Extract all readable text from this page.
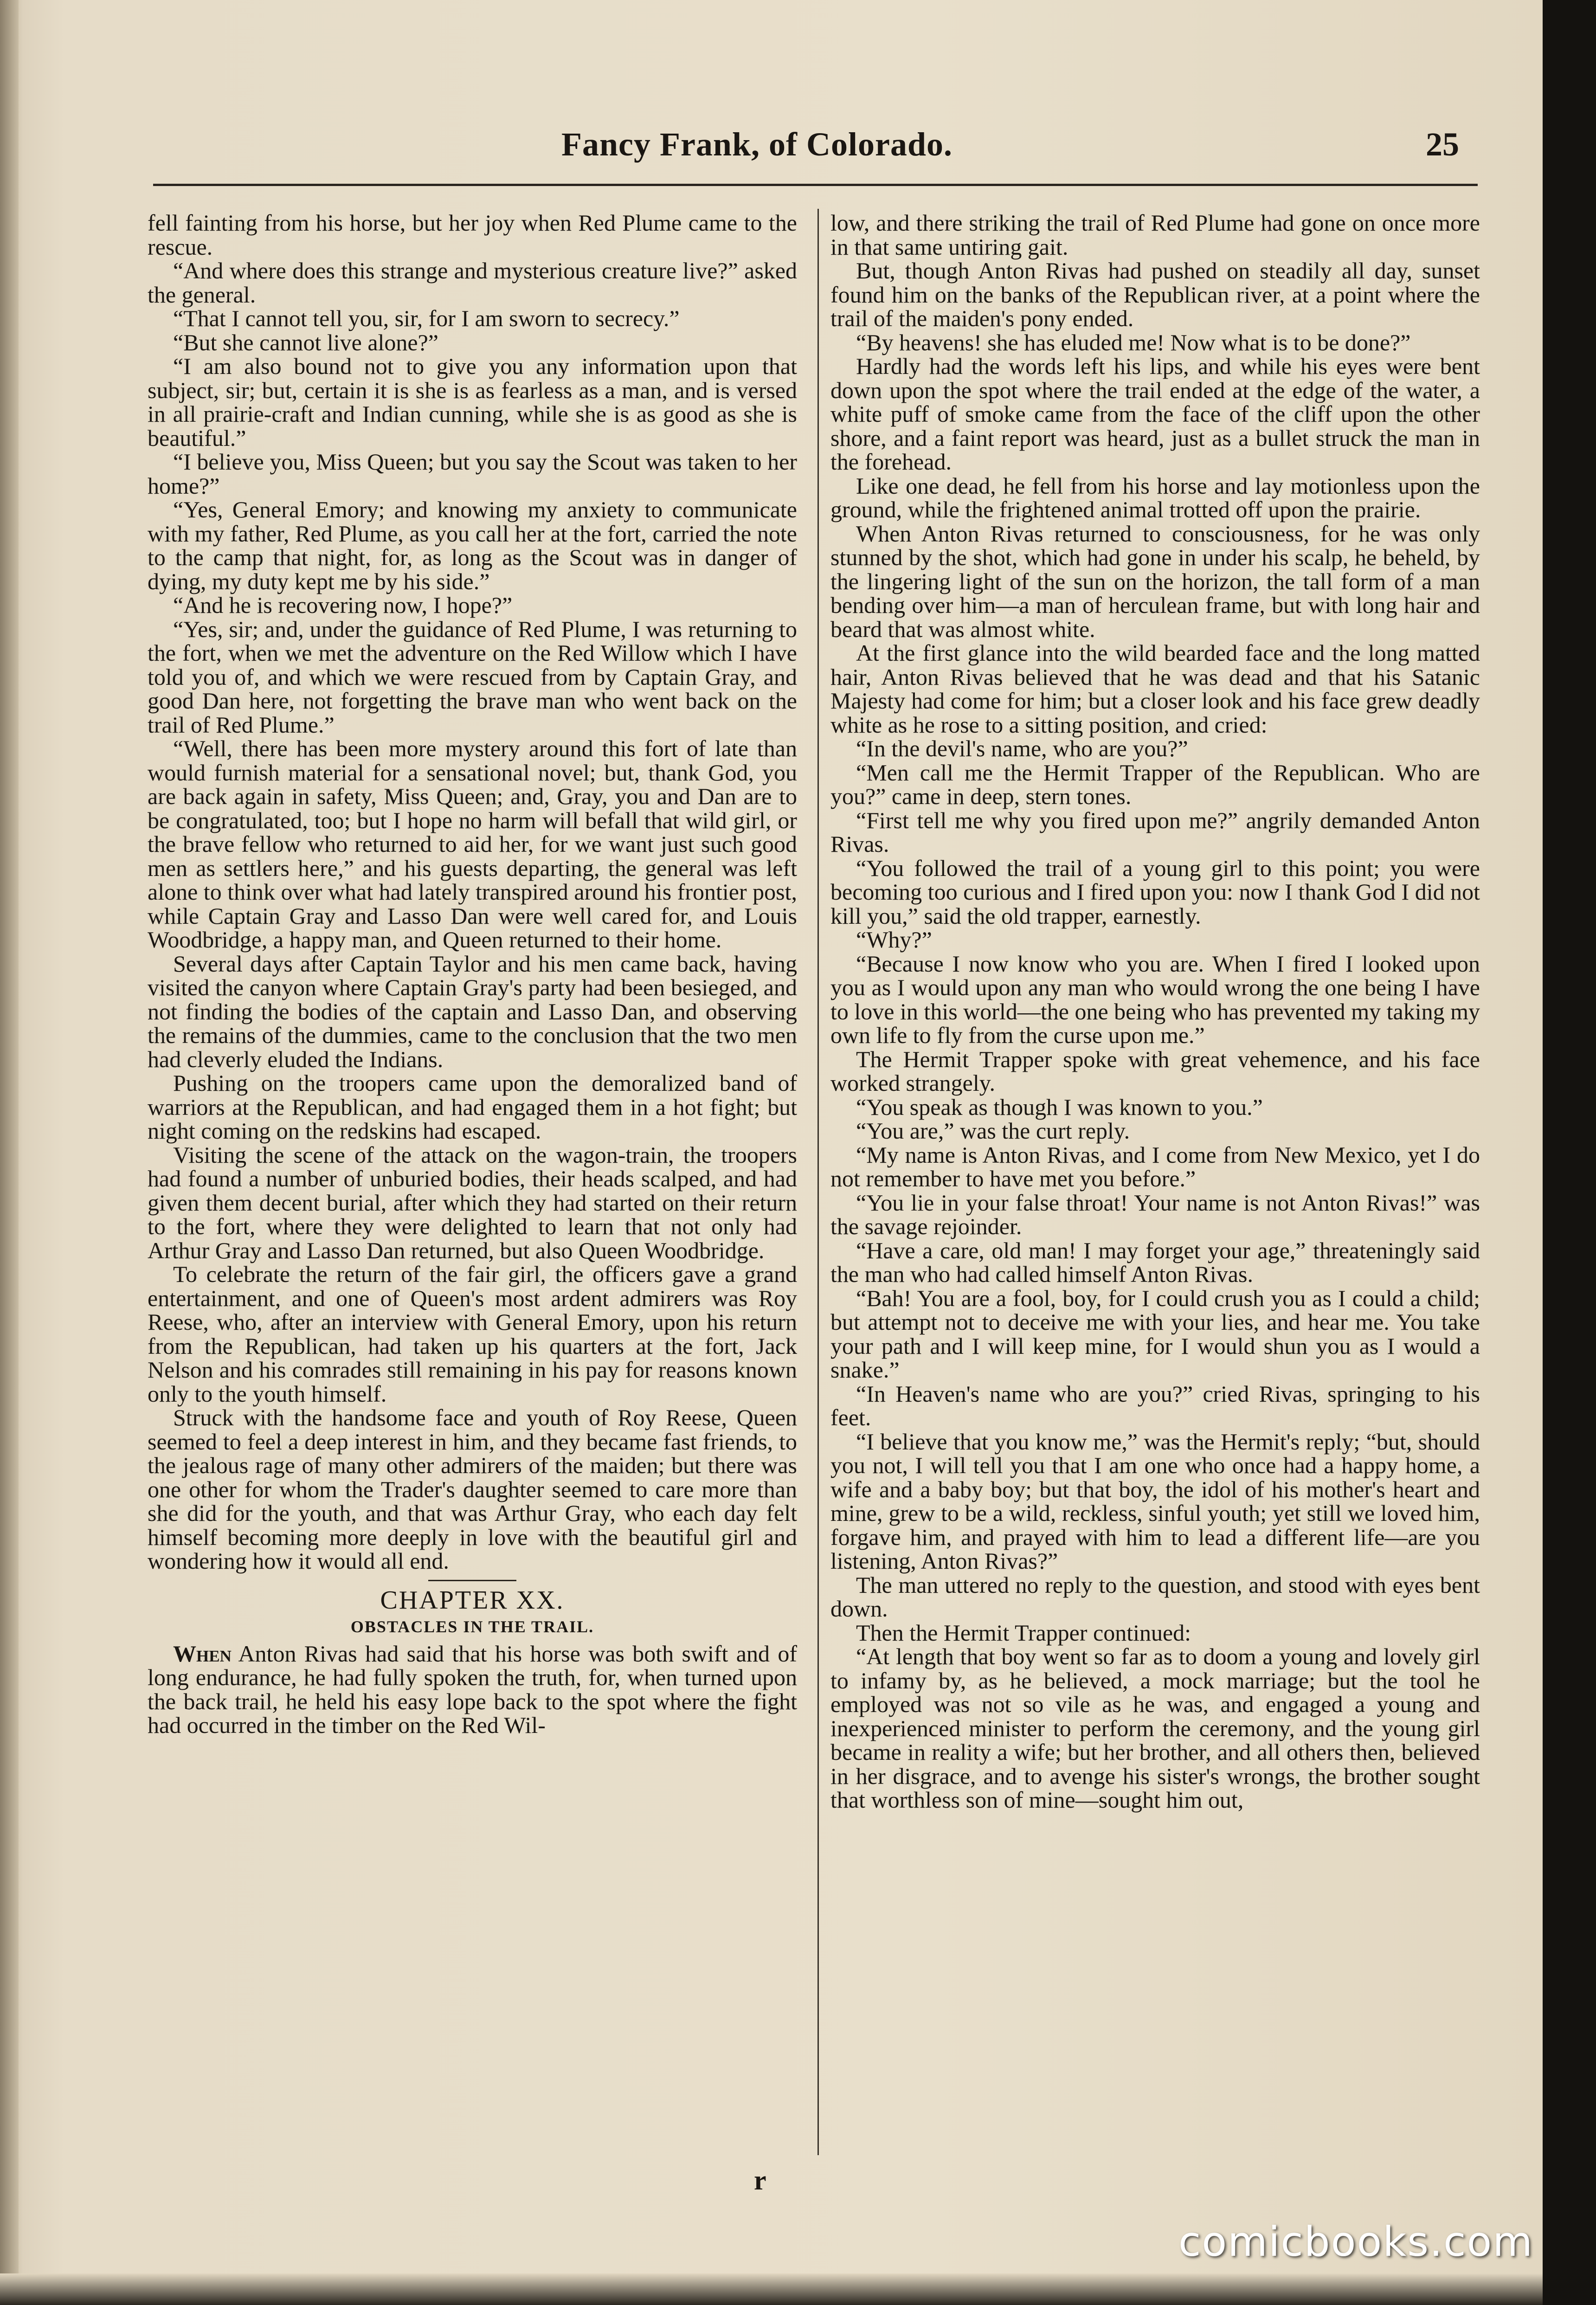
Fancy Frank, of Colorado.	25

fell fainting from his horse, but her joy when Red Plume came to the rescue.

“And where does this strange and mysterious creature live?” asked the general.

“That I cannot tell you, sir, for I am sworn to secrecy.”

“But she cannot live alone?”

“I am also bound not to give you any information upon that subject, sir; but, certain it is she is as fearless as a man, and is versed in all prairie-craft and Indian cunning, while she is as good as she is beautiful.”

“I believe you, Miss Queen; but you say the Scout was taken to her home?”

“Yes, General Emory; and knowing my anxiety to communicate with my father, Red Plume, as you call her at the fort, carried the note to the camp that night, for, as long as the Scout was in danger of dying, my duty kept me by his side.”

“And he is recovering now, I hope?”

“Yes, sir; and, under the guidance of Red Plume, I was returning to the fort, when we met the adventure on the Red Willow which I have told you of, and which we were rescued from by Captain Gray, and good Dan here, not forgetting the brave man who went back on the trail of Red Plume.”

“Well, there has been more mystery around this fort of late than would furnish material for a sensational novel; but, thank God, you are back again in safety, Miss Queen; and, Gray, you and Dan are to be congratulated, too; but I hope no harm will befall that wild girl, or the brave fellow who returned to aid her, for we want just such good men as settlers here,” and his guests departing, the general was left alone to think over what had lately transpired around his frontier post, while Captain Gray and Lasso Dan were well cared for, and Louis Woodbridge, a happy man, and Queen returned to their home.

Several days after Captain Taylor and his men came back, having visited the canyon where Captain Gray's party had been besieged, and not finding the bodies of the captain and Lasso Dan, and observing the remains of the dummies, came to the conclusion that the two men had cleverly eluded the Indians.

Pushing on the troopers came upon the demoralized band of warriors at the Republican, and had engaged them in a hot fight; but night coming on the redskins had escaped.

Visiting the scene of the attack on the wagon-train, the troopers had found a number of unburied bodies, their heads scalped, and had given them decent burial, after which they had started on their return to the fort, where they were delighted to learn that not only had Arthur Gray and Lasso Dan returned, but also Queen Woodbridge.

To celebrate the return of the fair girl, the officers gave a grand entertainment, and one of Queen's most ardent admirers was Roy Reese, who, after an interview with General Emory, upon his return from the Republican, had taken up his quarters at the fort, Jack Nelson and his comrades still remaining in his pay for reasons known only to the youth himself.

Struck with the handsome face and youth of Roy Reese, Queen seemed to feel a deep interest in him, and they became fast friends, to the jealous rage of many other admirers of the maiden; but there was one other for whom the Trader's daughter seemed to care more than she did for the youth, and that was Arthur Gray, who each day felt himself becoming more deeply in love with the beautiful girl and wondering how it would all end.

CHAPTER XX.
OBSTACLES IN THE TRAIL.

When Anton Rivas had said that his horse was both swift and of long endurance, he had fully spoken the truth, for, when turned upon the back trail, he held his easy lope back to the spot where the fight had occurred in the timber on the Red Wil-

low, and there striking the trail of Red Plume had gone on once more in that same untiring gait.

But, though Anton Rivas had pushed on steadily all day, sunset found him on the banks of the Republican river, at a point where the trail of the maiden's pony ended.

“By heavens! she has eluded me! Now what is to be done?”

Hardly had the words left his lips, and while his eyes were bent down upon the spot where the trail ended at the edge of the water, a white puff of smoke came from the face of the cliff upon the other shore, and a faint report was heard, just as a bullet struck the man in the forehead.

Like one dead, he fell from his horse and lay motionless upon the ground, while the frightened animal trotted off upon the prairie.

When Anton Rivas returned to consciousness, for he was only stunned by the shot, which had gone in under his scalp, he beheld, by the lingering light of the sun on the horizon, the tall form of a man bending over him—a man of herculean frame, but with long hair and beard that was almost white.

At the first glance into the wild bearded face and the long matted hair, Anton Rivas believed that he was dead and that his Satanic Majesty had come for him; but a closer look and his face grew deadly white as he rose to a sitting position, and cried:

“In the devil's name, who are you?”

“Men call me the Hermit Trapper of the Republican. Who are you?” came in deep, stern tones.

“First tell me why you fired upon me?” angrily demanded Anton Rivas.

“You followed the trail of a young girl to this point; you were becoming too curious and I fired upon you: now I thank God I did not kill you,” said the old trapper, earnestly.

“Why?”

“Because I now know who you are. When I fired I looked upon you as I would upon any man who would wrong the one being I have to love in this world—the one being who has prevented my taking my own life to fly from the curse upon me.”

The Hermit Trapper spoke with great vehemence, and his face worked strangely.

“You speak as though I was known to you.”

“You are,” was the curt reply.

“My name is Anton Rivas, and I come from New Mexico, yet I do not remember to have met you before.”

“You lie in your false throat! Your name is not Anton Rivas!” was the savage rejoinder.

“Have a care, old man! I may forget your age,” threateningly said the man who had called himself Anton Rivas.

“Bah! You are a fool, boy, for I could crush you as I could a child; but attempt not to deceive me with your lies, and hear me. You take your path and I will keep mine, for I would shun you as I would a snake.”

“In Heaven's name who are you?” cried Rivas, springing to his feet.

“I believe that you know me,” was the Hermit's reply; “but, should you not, I will tell you that I am one who once had a happy home, a wife and a baby boy; but that boy, the idol of his mother's heart and mine, grew to be a wild, reckless, sinful youth; yet still we loved him, forgave him, and prayed with him to lead a different life—are you listening, Anton Rivas?”

The man uttered no reply to the question, and stood with eyes bent down.

Then the Hermit Trapper continued:

“At length that boy went so far as to doom a young and lovely girl to infamy by, as he believed, a mock marriage; but the tool he employed was not so vile as he was, and engaged a young and inexperienced minister to perform the ceremony, and the young girl became in reality a wife; but her brother, and all others then, believed in her disgrace, and to avenge his sister's wrongs, the brother sought that worthless son of mine—sought him out,

r
comicbooks.com
